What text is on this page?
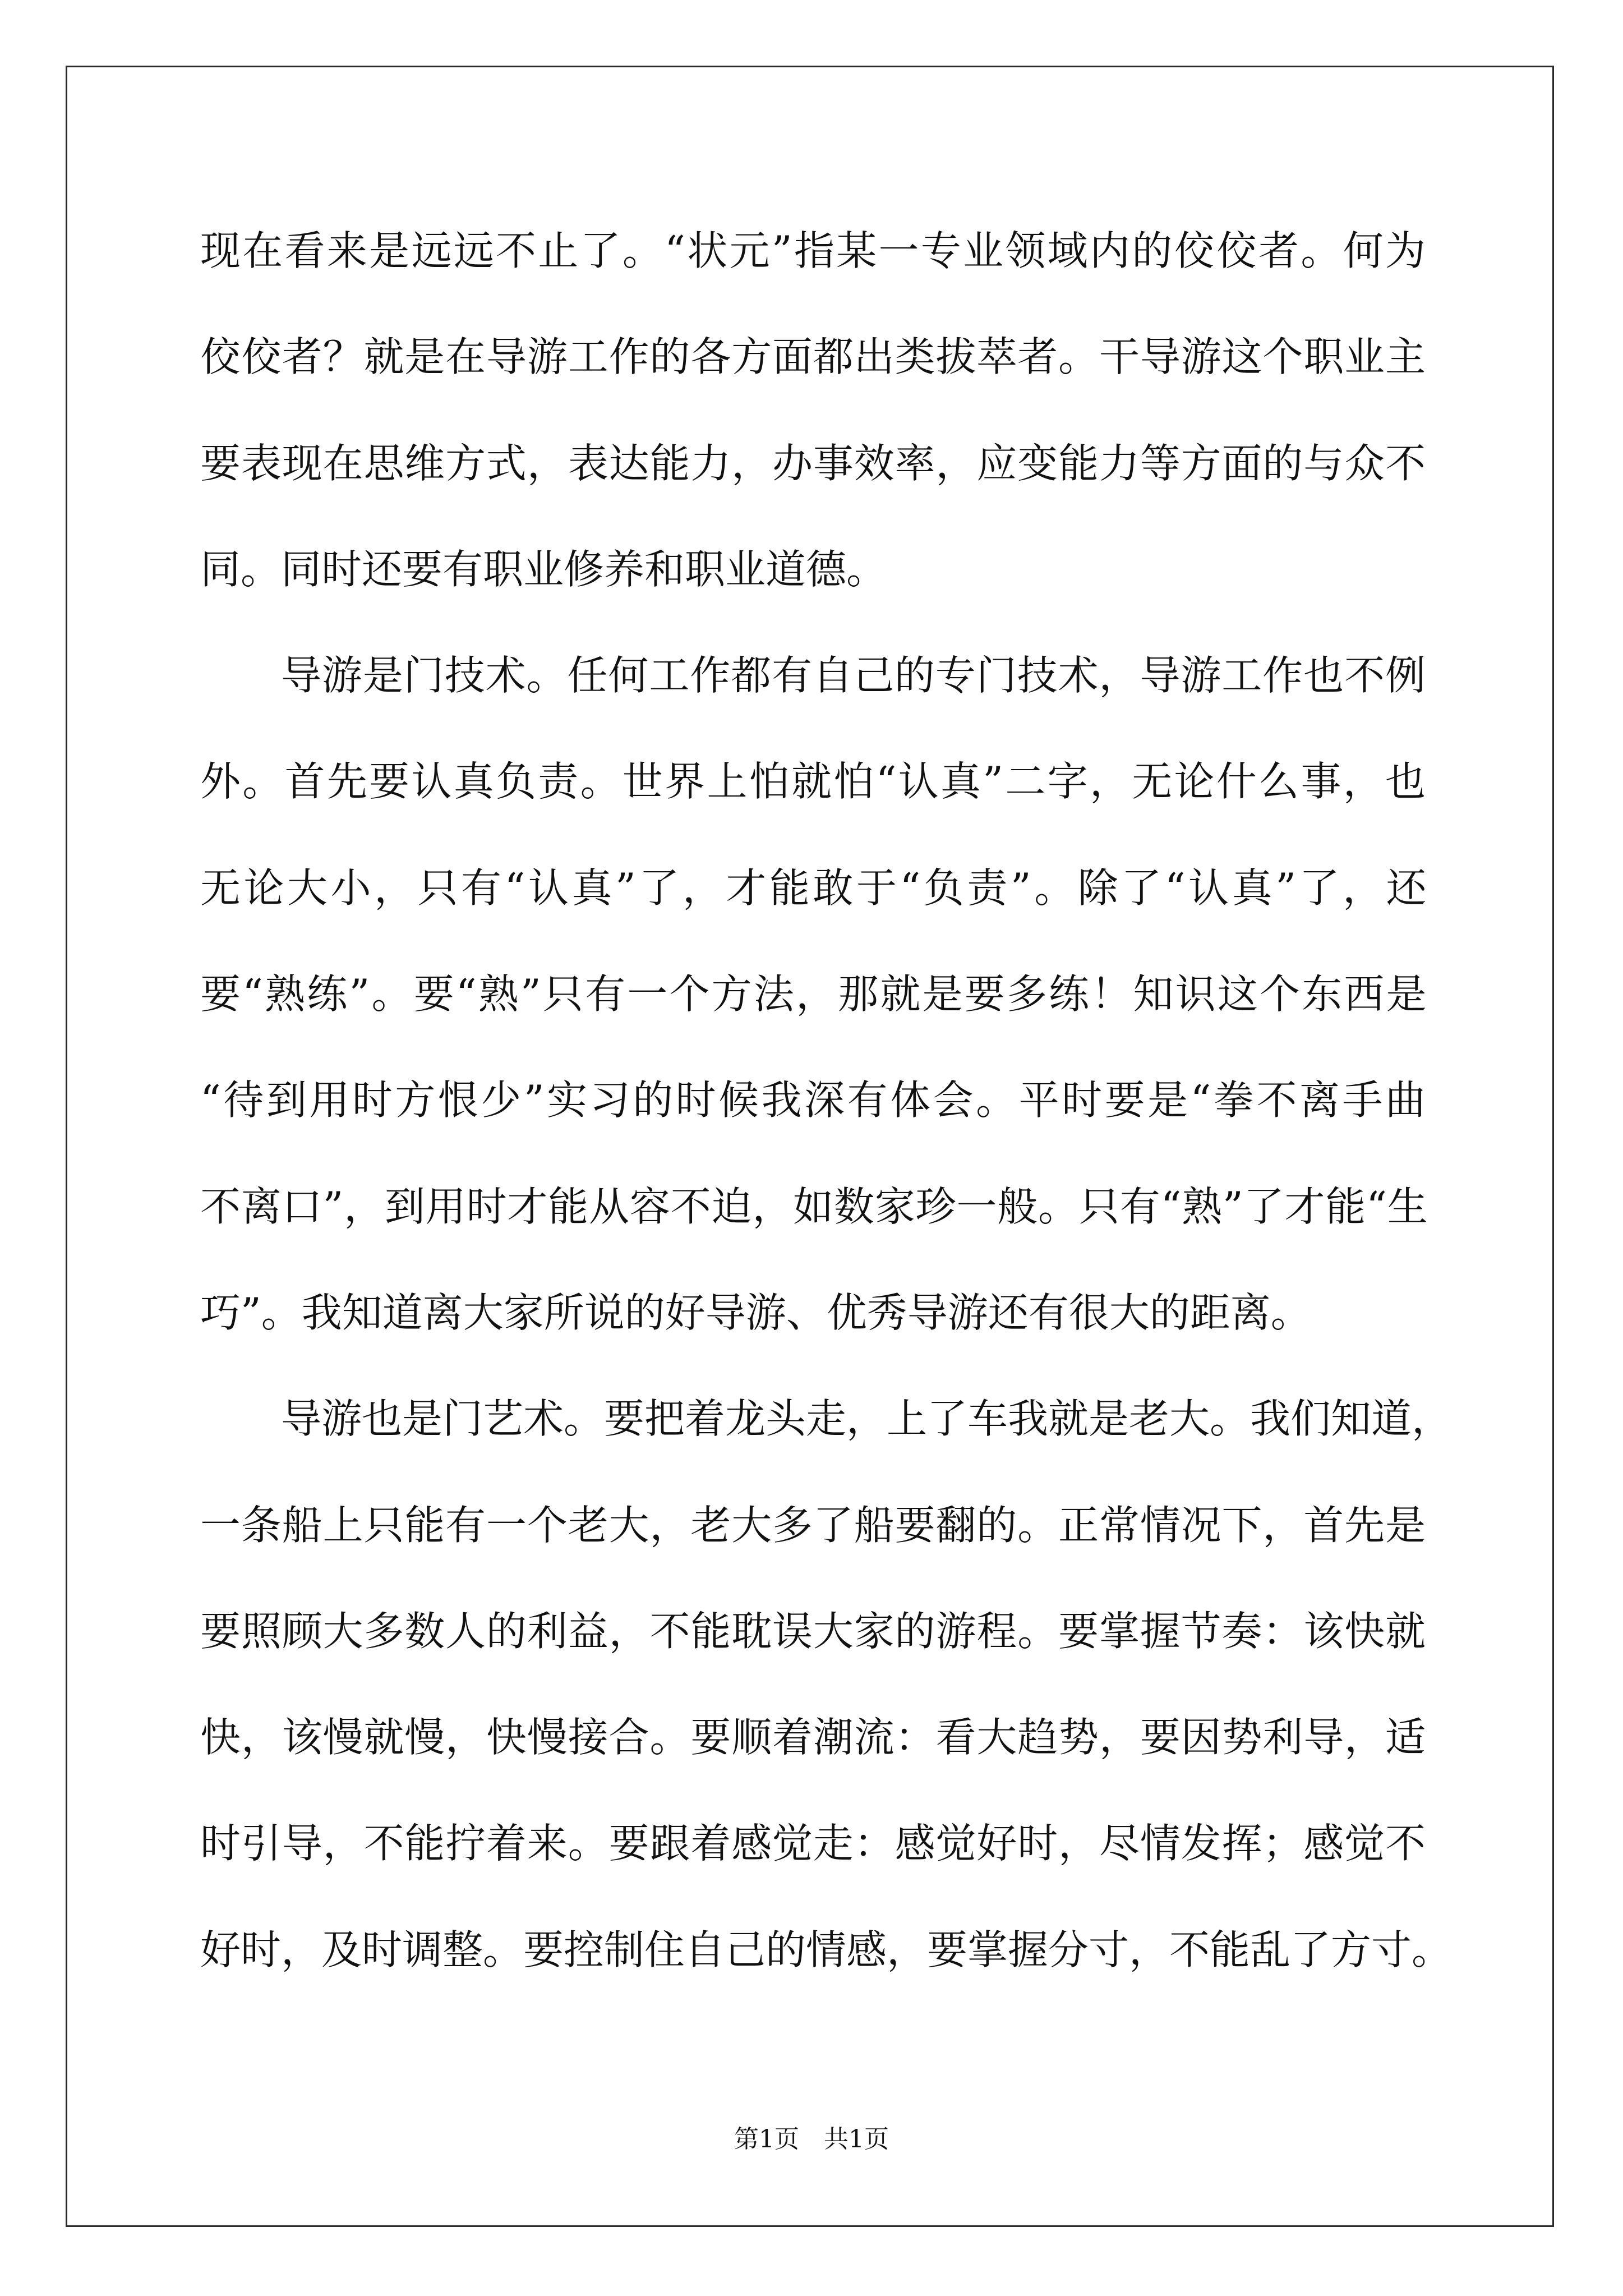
现在看来是远远不止了。“状元”指某一专业领域内的佼佼者。何为
佼佼者？就是在导游工作的各方面都出类拔萃者。干导游这个职业主
要表现在思维方式，表达能力，办事效率，应变能力等方面的与众不
同。同时还要有职业修养和职业道德。
导游是门技术。任何工作都有自己的专门技术，导游工作也不例
外。首先要认真负责。世界上怕就怕“认真”二字，无论什么事，也
无论大小，只有“认真”了，才能敢于“负责”。除了“认真”了，还
要“熟练”。要“熟”只有一个方法，那就是要多练！知识这个东西是
“待到用时方恨少”实习的时候我深有体会。平时要是“拳不离手曲
不离口”，到用时才能从容不迫，如数家珍一般。只有“熟”了才能“生
巧”。我知道离大家所说的好导游、优秀导游还有很大的距离。
导游也是门艺术。要把着龙头走，上了车我就是老大。我们知道，
一条船上只能有一个老大，老大多了船要翻的。正常情况下，首先是
要照顾大多数人的利益，不能耽误大家的游程。要掌握节奏：该快就
快，该慢就慢，快慢接合。要顺着潮流：看大趋势，要因势利导，适
时引导，不能拧着来。要跟着感觉走：感觉好时，尽情发挥；感觉不
好时，及时调整。要控制住自己的情感，要掌握分寸，不能乱了方寸。
第1页　共1页
